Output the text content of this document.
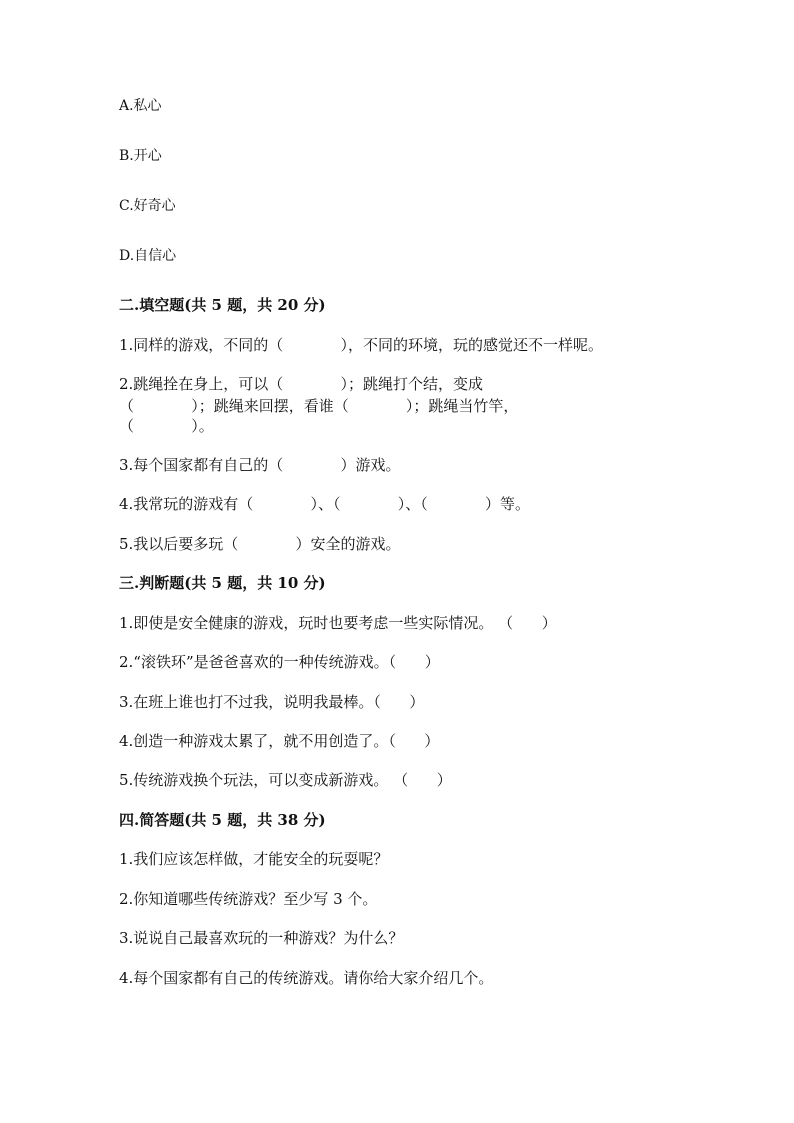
A.私心
B.开心
C.好奇心
D.自信心
二.填空题(共 5 题，共 20 分)
1.同样的游戏，不同的（            ），不同的环境，玩的感觉还不一样呢。
2.跳绳拴在身上，可以（            ）；跳绳打个结，变成
（            ）；跳绳来回摆，看谁（            ）；跳绳当竹竿，
（            ）。
3.每个国家都有自己的（            ）游戏。
4.我常玩的游戏有（            ）、（            ）、（            ）等。
5.我以后要多玩（            ）安全的游戏。
三.判断题(共 5 题，共 10 分)
1.即使是安全健康的游戏，玩时也要考虑一些实际情况。 （      ）
2.“滚铁环”是爸爸喜欢的一种传统游戏。（      ）
3.在班上谁也打不过我，说明我最棒。（      ）
4.创造一种游戏太累了，就不用创造了。（      ）
5.传统游戏换个玩法，可以变成新游戏。 （      ）
四.简答题(共 5 题，共 38 分)
1.我们应该怎样做，才能安全的玩耍呢？
2.你知道哪些传统游戏？至少写 3 个。
3.说说自己最喜欢玩的一种游戏？为什么？
4.每个国家都有自己的传统游戏。请你给大家介绍几个。
